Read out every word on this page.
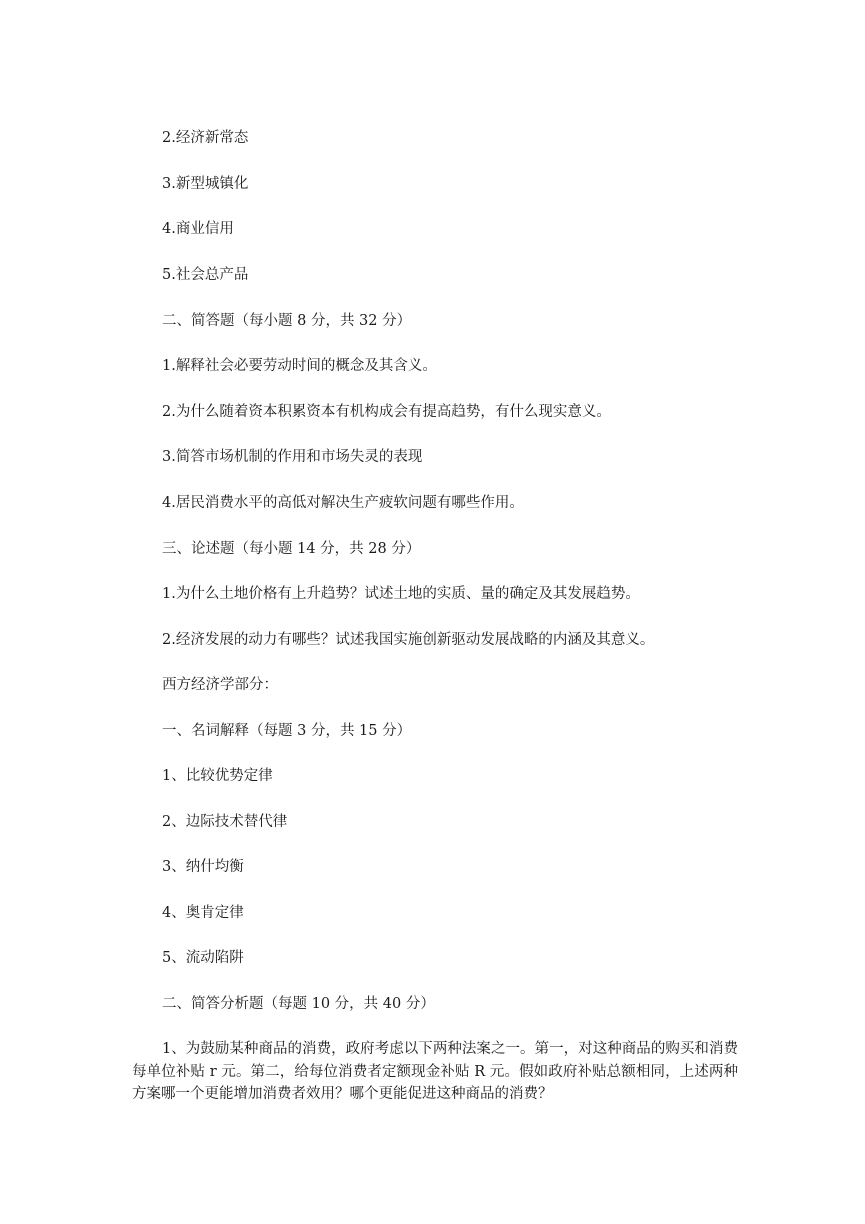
2.经济新常态
3.新型城镇化
4.商业信用
5.社会总产品
二、简答题（每小题 8 分，共 32 分）
1.解释社会必要劳动时间的概念及其含义。
2.为什么随着资本积累资本有机构成会有提高趋势，有什么现实意义。
3.简答市场机制的作用和市场失灵的表现
4.居民消费水平的高低对解决生产疲软问题有哪些作用。
三、论述题（每小题 14 分，共 28 分）
1.为什么土地价格有上升趋势？试述土地的实质、量的确定及其发展趋势。
2.经济发展的动力有哪些？试述我国实施创新驱动发展战略的内涵及其意义。
西方经济学部分：
一、名词解释（每题 3 分，共 15 分）
1、比较优势定律
2、边际技术替代律
3、纳什均衡
4、奥肯定律
5、流动陷阱
二、简答分析题（每题 10 分，共 40 分）
1、为鼓励某种商品的消费，政府考虑以下两种法案之一。第一，对这种商品的购买和消费每单位补贴 r 元。第二，给每位消费者定额现金补贴 R 元。假如政府补贴总额相同，上述两种方案哪一个更能增加消费者效用？哪个更能促进这种商品的消费？
